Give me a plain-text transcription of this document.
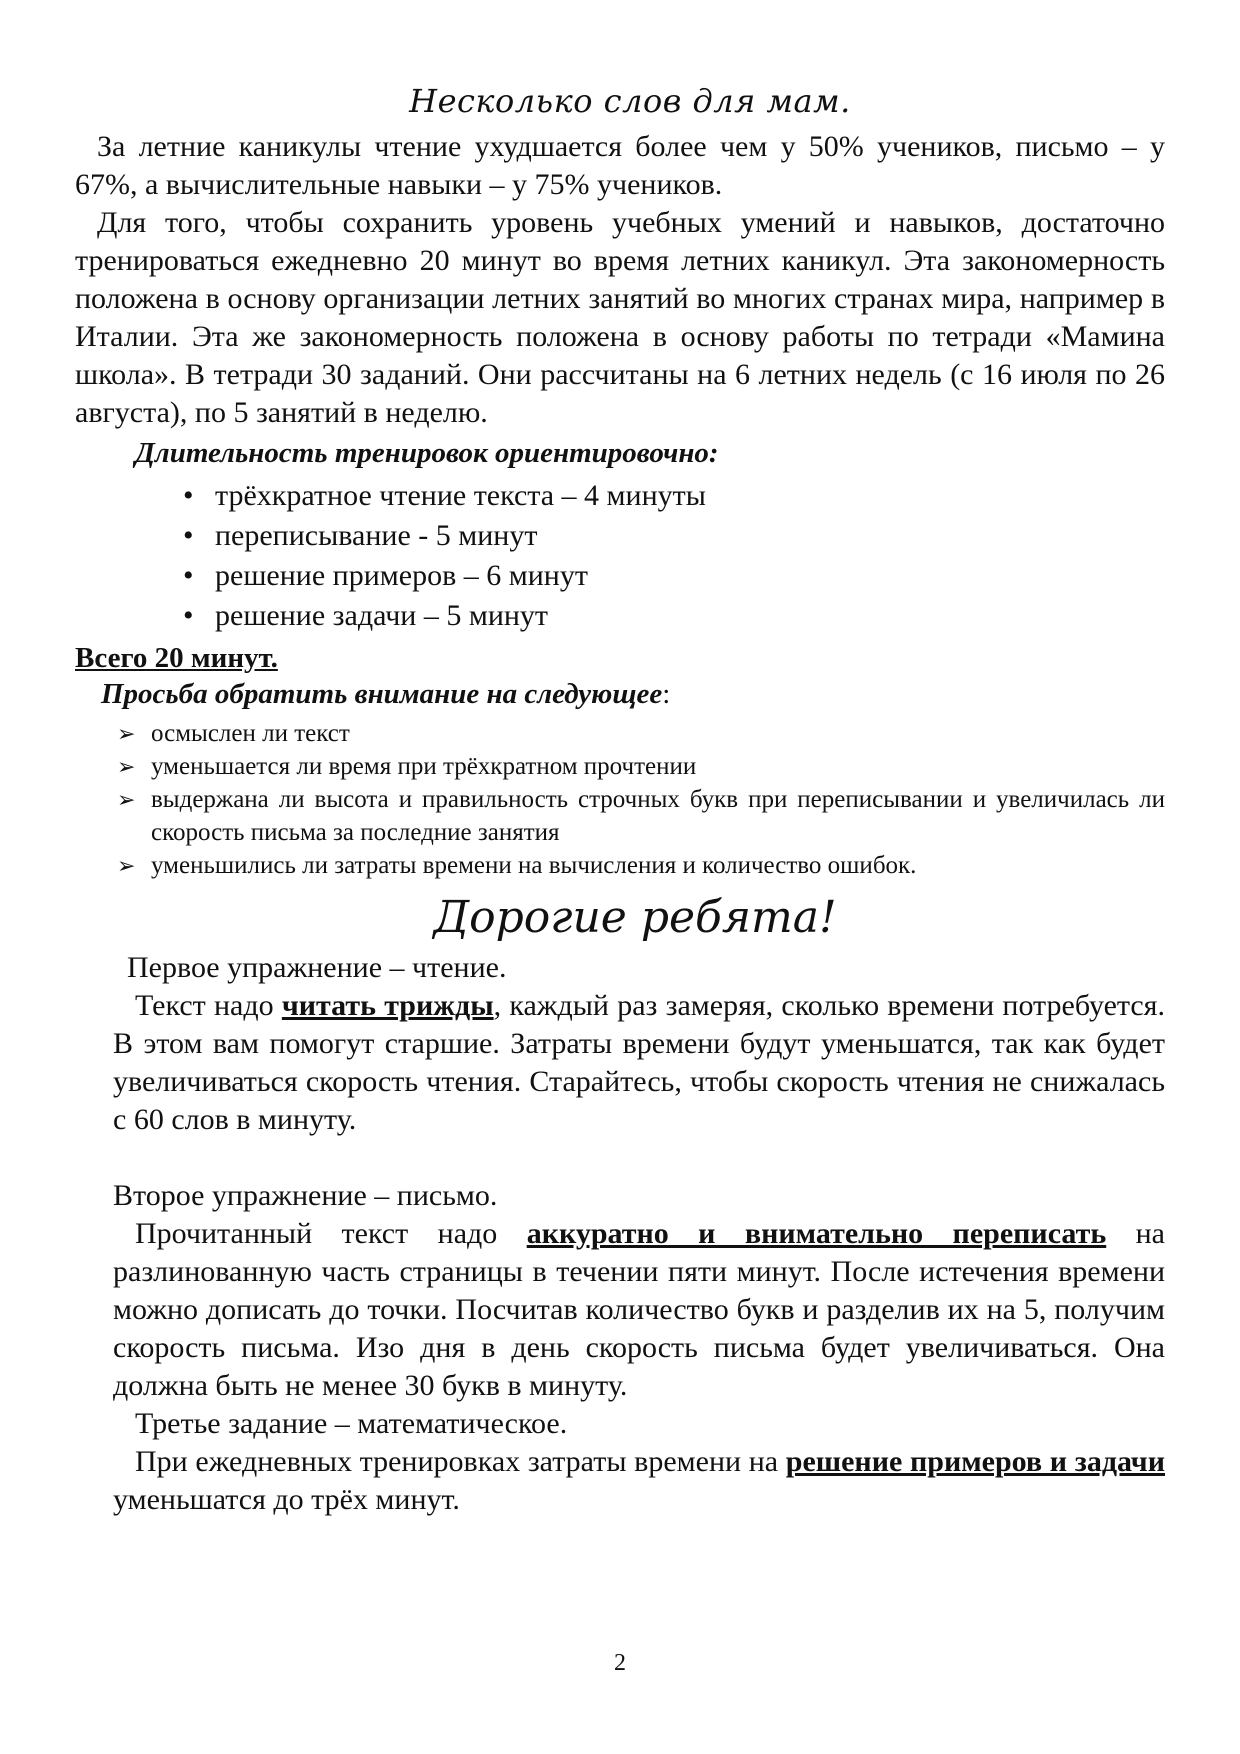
Несколько слов для мам.

За летние каникулы чтение ухудшается более чем у 50% учеников, письмо – у 67%, а вычислительные навыки – у 75% учеников.

Для того, чтобы сохранить уровень учебных умений и навыков, достаточно тренироваться ежедневно 20 минут во время летних каникул. Эта закономерность положена в основу организации летних занятий во многих странах мира, например в Италии. Эта же закономерность положена в основу работы по тетради «Мамина школа». В тетради 30 заданий. Они рассчитаны на 6 летних недель (с 16 июля по 26 августа), по 5 занятий в неделю.

Длительность тренировок ориентировочно:
• трёхкратное чтение текста – 4 минуты
• переписывание - 5 минут
• решение примеров – 6 минут
• решение задачи – 5 минут
Всего 20 минут.
Просьба обратить внимание на следующее:
➢ осмыслен ли текст
➢ уменьшается ли время при трёхкратном прочтении
➢ выдержана ли высота и правильность строчных букв при переписывании и увеличилась ли скорость письма за последние занятия
➢ уменьшились ли затраты времени на вычисления и количество ошибок.
Дорогие ребята!

Первое упражнение – чтение.

Текст надо читать трижды, каждый раз замеряя, сколько времени потребуется. В этом вам помогут старшие. Затраты времени будут уменьшатся, так как будет увеличиваться скорость чтения. Старайтесь, чтобы скорость чтения не снижалась с 60 слов в минуту.

Второе упражнение – письмо.

Прочитанный текст надо аккуратно и внимательно переписать на разлинованную часть страницы в течении пяти минут. После истечения времени можно дописать до точки. Посчитав количество букв и разделив их на 5, получим скорость письма. Изо дня в день скорость письма будет увеличиваться. Она должна быть не менее 30 букв в минуту.

Третье задание – математическое.

При ежедневных тренировках затраты времени на решение примеров и задачи уменьшатся до трёх минут.

2
